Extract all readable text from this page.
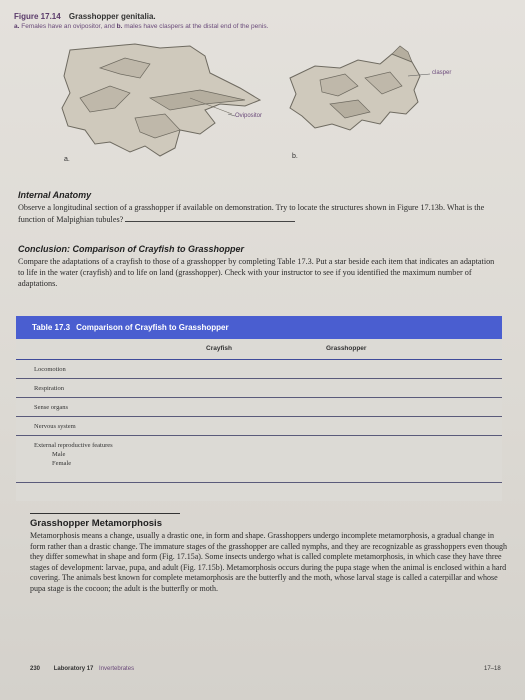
Figure 17.14 Grasshopper genitalia.
a. Females have an ovipositor, and b. males have claspers at the distal end of the penis.
Ovipositor
clasper
a.	b.
Internal Anatomy
Observe a longitudinal section of a grasshopper if available on demonstration. Try to locate the structures shown in Figure 17.13b. What is the function of Malpighian tubules?
Conclusion: Comparison of Crayfish to Grasshopper
Compare the adaptations of a crayfish to those of a grasshopper by completing Table 17.3. Put a star beside each item that indicates an adaptation to life in the water (crayfish) and to life on land (grasshopper). Check with your instructor to see if you identified the maximum number of adaptations.
Table 17.3 Comparison of Crayfish to Grasshopper
Crayfish	Grasshopper
Locomotion
Respiration
Sense organs
Nervous system
External reproductive features
Male
Female
Grasshopper Metamorphosis
Metamorphosis means a change, usually a drastic one, in form and shape. Grasshoppers undergo incomplete metamorphosis, a gradual change in form rather than a drastic change. The immature stages of the grasshopper are called nymphs, and they are recognizable as grasshoppers even though they differ somewhat in shape and form (Fig. 17.15a). Some insects undergo what is called complete metamorphosis, in which case they have three stages of development: larvae, pupa, and adult (Fig. 17.15b). Metamorphosis occurs during the pupa stage when the animal is enclosed within a hard covering. The animals best known for complete metamorphosis are the butterfly and the moth, whose larval stage is called a caterpillar and whose pupa stage is the cocoon; the adult is the butterfly or moth.
230 Laboratory 17 Invertebrates	17–18
